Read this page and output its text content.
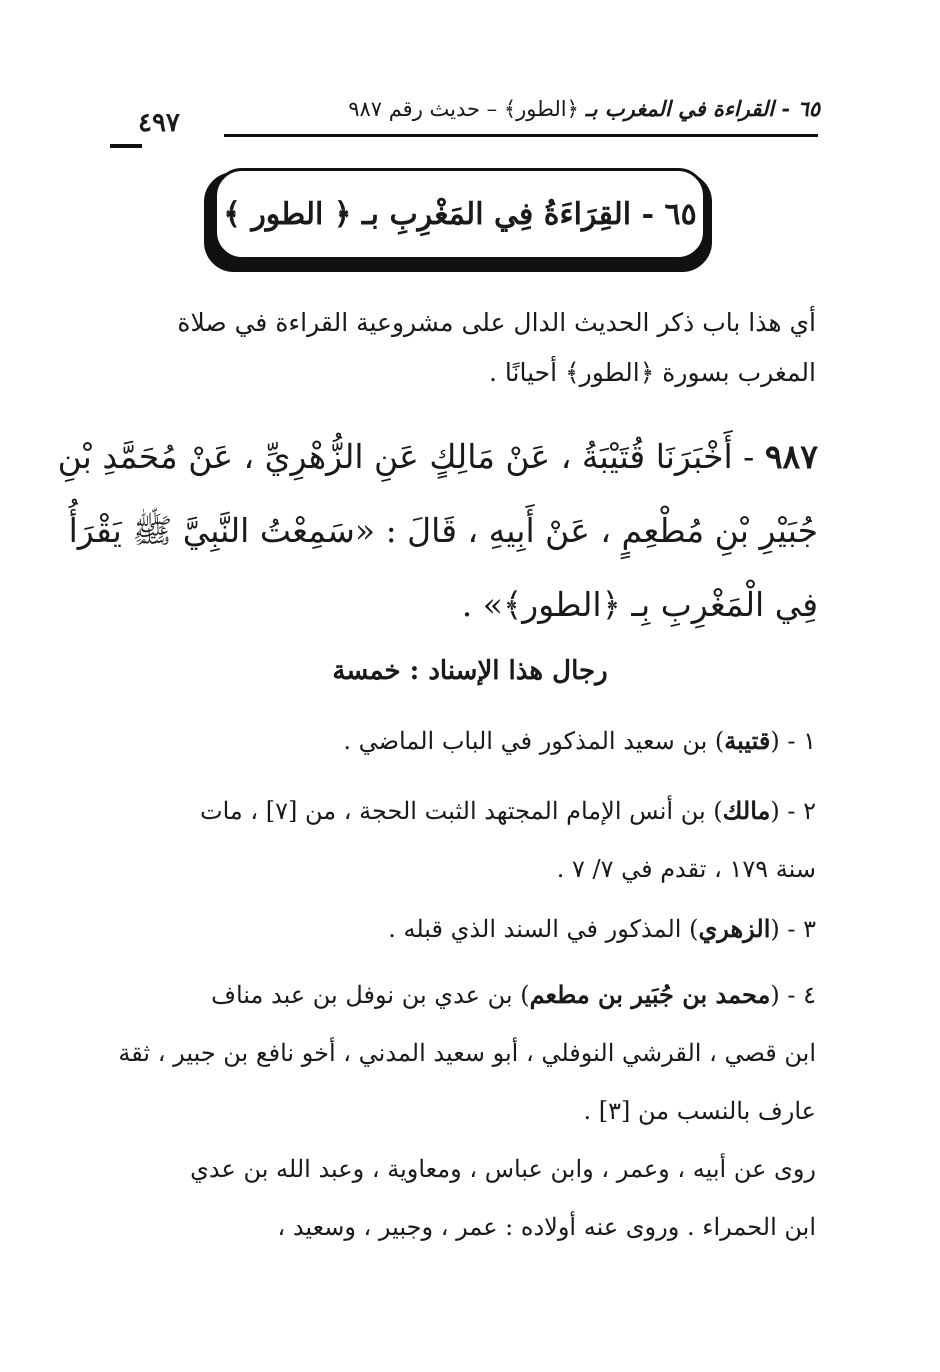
٦٥ - القراءة في المغرب بـ ﴿الطور﴾ – حديث رقم ٩٨٧
٤٩٧
٦٥ - القِرَاءَةُ فِي المَغْرِبِ بـ ﴿ الطور ﴾
أي هذا باب ذكر الحديث الدال على مشروعية القراءة في صلاة
المغرب بسورة ﴿الطور﴾ أحيانًا .
٩٨٧ - أَخْبَرَنَا قُتَيْبَةُ ، عَنْ مَالِكٍ عَنِ الزُّهْرِيِّ ، عَنْ مُحَمَّدِ بْنِ
جُبَيْرِ بْنِ مُطْعِمٍ ، عَنْ أَبِيهِ ، قَالَ : «سَمِعْتُ النَّبِيَّ ﷺ يَقْرَأُ
فِي الْمَغْرِبِ بِـ ﴿الطور﴾» .
رجال هذا الإسناد : خمسة
١ - (قتيبة) بن سعيد المذكور في الباب الماضي .
٢ - (مالك) بن أنس الإمام المجتهد الثبت الحجة ، من [٧] ، مات
سنة ١٧٩ ، تقدم في ٧/ ٧ .
٣ - (الزهري) المذكور في السند الذي قبله .
٤ - (محمد بن جُبَير بن مطعم) بن عدي بن نوفل بن عبد مناف
ابن قصي ، القرشي النوفلي ، أبو سعيد المدني ، أخو نافع بن جبير ، ثقة
عارف بالنسب من [٣] .
روى عن أبيه ، وعمر ، وابن عباس ، ومعاوية ، وعبد الله بن عدي
ابن الحمراء . وروى عنه أولاده : عمر ، وجبير ، وسعيد ،
